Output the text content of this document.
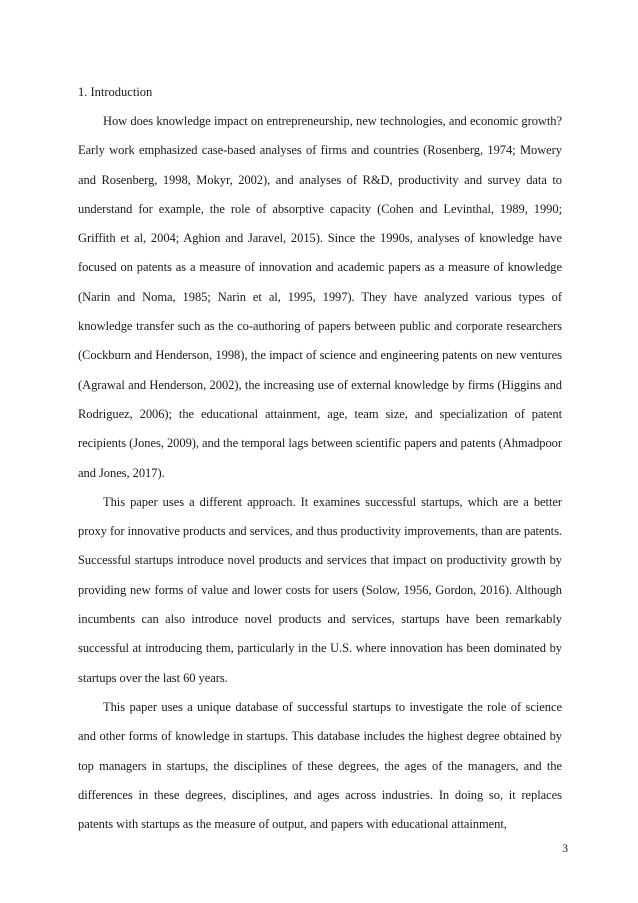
1. Introduction

How does knowledge impact on entrepreneurship, new technologies, and economic growth? Early work emphasized case-based analyses of firms and countries (Rosenberg, 1974; Mowery and Rosenberg, 1998, Mokyr, 2002), and analyses of R&D, productivity and survey data to understand for example, the role of absorptive capacity (Cohen and Levinthal, 1989, 1990; Griffith et al, 2004; Aghion and Jaravel, 2015). Since the 1990s, analyses of knowledge have focused on patents as a measure of innovation and academic papers as a measure of knowledge (Narin and Noma, 1985; Narin et al, 1995, 1997). They have analyzed various types of knowledge transfer such as the co-authoring of papers between public and corporate researchers (Cockburn and Henderson, 1998), the impact of science and engineering patents on new ventures (Agrawal and Henderson, 2002), the increasing use of external knowledge by firms (Higgins and Rodriguez, 2006); the educational attainment, age, team size, and specialization of patent recipients (Jones, 2009), and the temporal lags between scientific papers and patents (Ahmadpoor and Jones, 2017).

This paper uses a different approach. It examines successful startups, which are a better proxy for innovative products and services, and thus productivity improvements, than are patents. Successful startups introduce novel products and services that impact on productivity growth by providing new forms of value and lower costs for users (Solow, 1956, Gordon, 2016). Although incumbents can also introduce novel products and services, startups have been remarkably successful at introducing them, particularly in the U.S. where innovation has been dominated by startups over the last 60 years.

This paper uses a unique database of successful startups to investigate the role of science and other forms of knowledge in startups. This database includes the highest degree obtained by top managers in startups, the disciplines of these degrees, the ages of the managers, and the differences in these degrees, disciplines, and ages across industries. In doing so, it replaces patents with startups as the measure of output, and papers with educational attainment,

3
